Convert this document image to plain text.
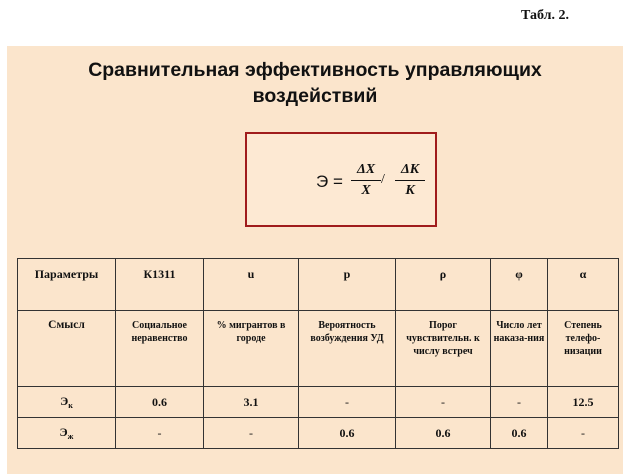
Табл. 2.
Сравнительная эффективность управляющих
воздействий
Э =
ΔX
X
/
ΔK
K
Параметры	К1311	u	p	ρ	φ	α
Смысл	Социальное неравенство	% мигрантов в городе	Вероятность возбуждения УД	Порог чувствительн. к числу встреч	Число лет наказа-ния	Степень телефо-низации
$Э_к$	0.6	3.1	-	-	-	12.5
$Э_ж$	-	-	0.6	0.6	0.6	-
